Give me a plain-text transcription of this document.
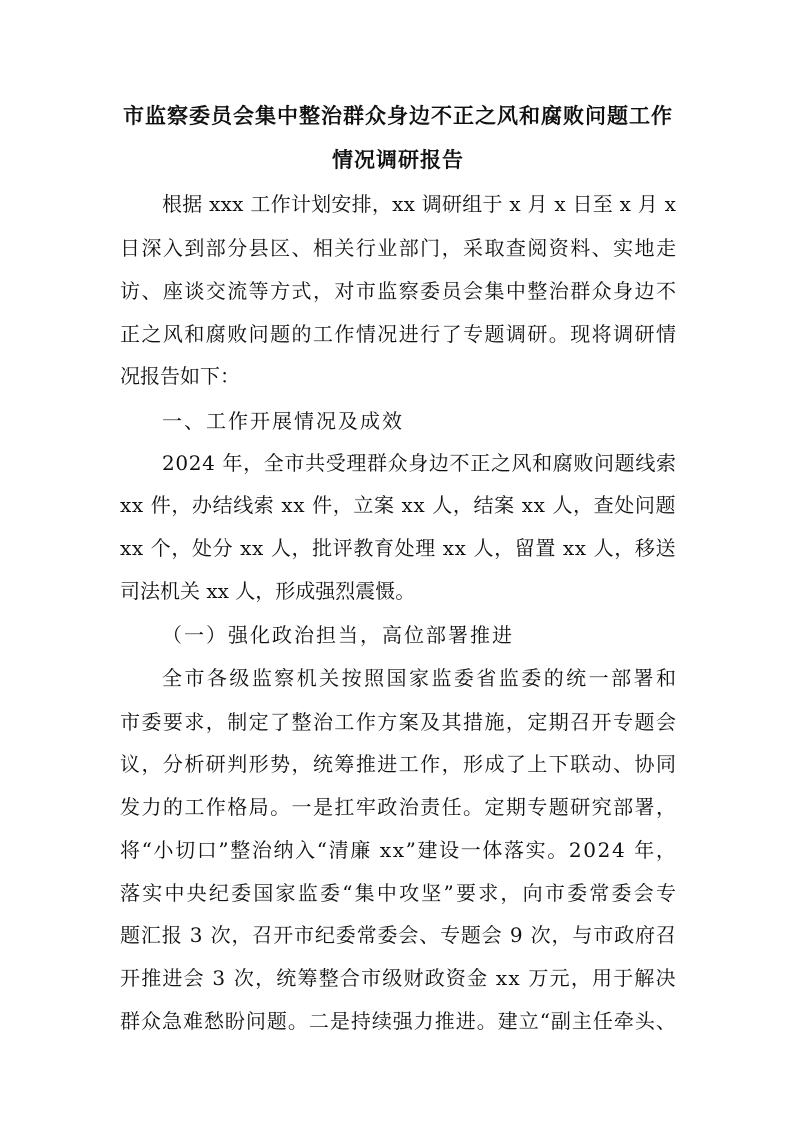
市监察委员会集中整治群众身边不正之风和腐败问题工作
情况调研报告
根 据
x x x
工 作 计 划 安 排 ， x x
调 研 组 于
x
月
x
日 至
x
月
x
日 深 入 到 部 分 县 区 、 相 关 行 业 部 门 ， 采 取 查 阅 资 料 、 实 地 走
访 、 座 谈 交 流 等 方 式 ， 对 市 监 察 委 员 会 集 中 整 治 群 众 身 边 不
正 之 风 和 腐 败 问 题 的 工 作 情 况 进 行 了 专 题 调 研 。 现 将 调 研 情
况报告如下：
一、工作开展情况及成效
2 0 2 4
年 ， 全 市 共 受 理 群 众 身 边 不 正 之 风 和 腐 败 问 题 线 索
x x
件 ， 办 结 线 索
x x
件 ， 立 案
x x
人 ， 结 案
x x
人 ， 查 处 问 题
x x
个 ， 处 分
x x
人 ， 批 评 教 育 处 理
x x
人 ， 留 置
x x
人 ， 移 送
司法机关 xx 人，形成强烈震慑。
（一）强化政治担当，高位部署推进
全 市 各 级 监 察 机 关 按 照 国 家 监 委 省 监 委 的 统 一 部 署 和
市 委 要 求 ， 制 定 了 整 治 工 作 方 案 及 其 措 施 ， 定 期 召 开 专 题 会
议 ， 分 析 研 判 形 势 ， 统 筹 推 进 工 作 ， 形 成 了 上 下 联 动 、 协 同
发 力 的 工 作 格 局 。 一 是 扛 牢 政 治 责 任 。 定 期 专 题 研 究 部 署 ，
将 “ 小 切 口 ” 整 治 纳 入 “ 清 廉
x x ” 建 设 一 体 落 实 。 2 0 2 4
年 ，
落 实 中 央 纪 委 国 家 监 委 “ 集 中 攻 坚 ” 要 求 ， 向 市 委 常 委 会 专
题 汇 报
3
次 ， 召 开 市 纪 委 常 委 会 、 专 题 会
9
次 ， 与 市 政 府 召
开 推 进 会
3
次 ， 统 筹 整 合 市 级 财 政 资 金
x x
万 元 ， 用 于 解 决
群 众 急 难 愁 盼 问 题 。 二 是 持 续 强 力 推 进 。 建 立 “ 副 主 任 牵 头 、
